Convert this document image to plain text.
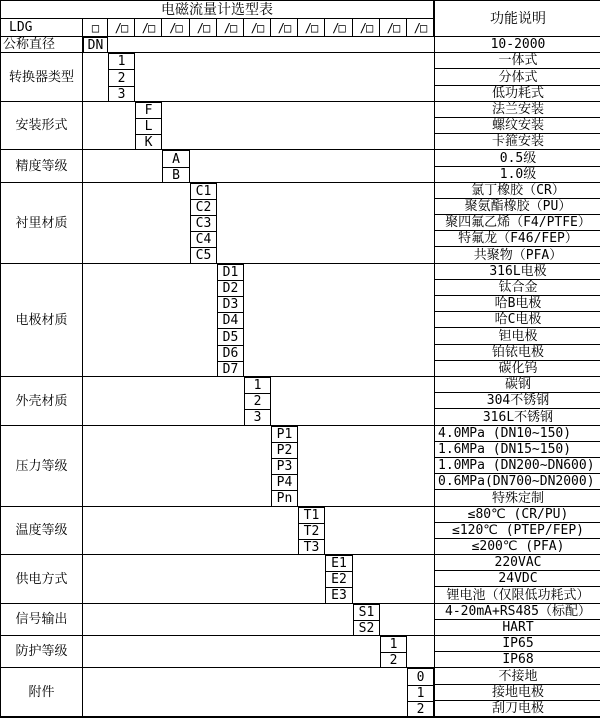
电磁流量计选型表
功能说明
LDG	□	/□	/□	/□	/□	/□	/□	/□	/□	/□	/□	/□	/□
公称直径	DN	10-2000
转换器类型
1	一体式
2	分体式
3	低功耗式
安装形式
F	法兰安装
L	螺纹安装
K	卡箍安装
精度等级	A	0.5级
B	1.0级
衬里材质
C1	氯丁橡胶（CR）
C2	聚氨酯橡胶（PU）
C3	聚四氟乙烯（F4/PTFE）
C4	特氟龙（F46/FEP）
C5	共聚物（PFA）
电极材质
D1	316L电极
D2	钛合金
D3	哈B电极
D4	哈C电极
D5	钽电极
D6	铂铱电极
D7	碳化钨
外壳材质
1	碳钢
2	304不锈钢
3	316L不锈钢
压力等级
P1	4.0MPa (DN10~150)
P2	1.6MPa (DN15~150)
P3	1.0MPa (DN200~DN600)
P4	0.6MPa(DN700~DN2000)
Pn	特殊定制
温度等级
T1	≤80℃ (CR/PU)
T2	≤120℃ (PTEP/FEP)
T3	≤200℃ (PFA)
供电方式
E1	220VAC
E2	24VDC
E3	锂电池（仅限低功耗式）
信号输出	S1	4-20mA+RS485（标配）
S2	HART
防护等级	1	IP65
2	IP68
附件
0	不接地
1	接地电极
2	刮刀电极
